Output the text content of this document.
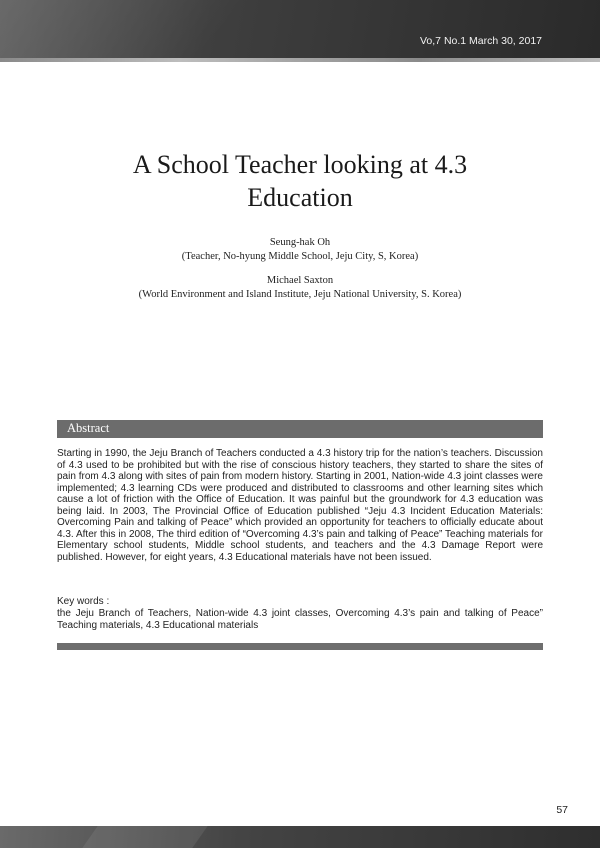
Vo,7 No.1 March 30, 2017
A School Teacher looking at 4.3
Education
Seung-hak Oh
(Teacher, No-hyung Middle School, Jeju City, S, Korea)
Michael Saxton
(World Environment and Island Institute, Jeju National University, S. Korea)
Abstract
Starting in 1990, the Jeju Branch of Teachers conducted a 4.3 history trip for the nation’s teachers. Discussion of 4.3 used to be prohibited but with the rise of conscious history teachers, they started to share the sites of pain from 4.3 along with sites of pain from modern history. Starting in 2001, Nation-wide 4.3 joint classes were implemented; 4.3 learning CDs were produced and distributed to classrooms and other learning sites which cause a lot of friction with the Office of Education. It was painful but the groundwork for 4.3 education was being laid. In 2003, The Provincial Office of Education published “Jeju 4.3 Incident Education Materials: Overcoming Pain and talking of Peace” which provided an opportunity for teachers to officially educate about 4.3. After this in 2008, The third edition of “Overcoming 4.3’s pain and talking of Peace” Teaching materials for Elementary school students, Middle school students, and teachers and the 4.3 Damage Report were published. However, for eight years, 4.3 Educational materials have not been issued.
Key words :
the Jeju Branch of Teachers, Nation-wide 4.3 joint classes, Overcoming 4.3’s pain and talking of Peace” Teaching materials, 4.3 Educational materials
57
